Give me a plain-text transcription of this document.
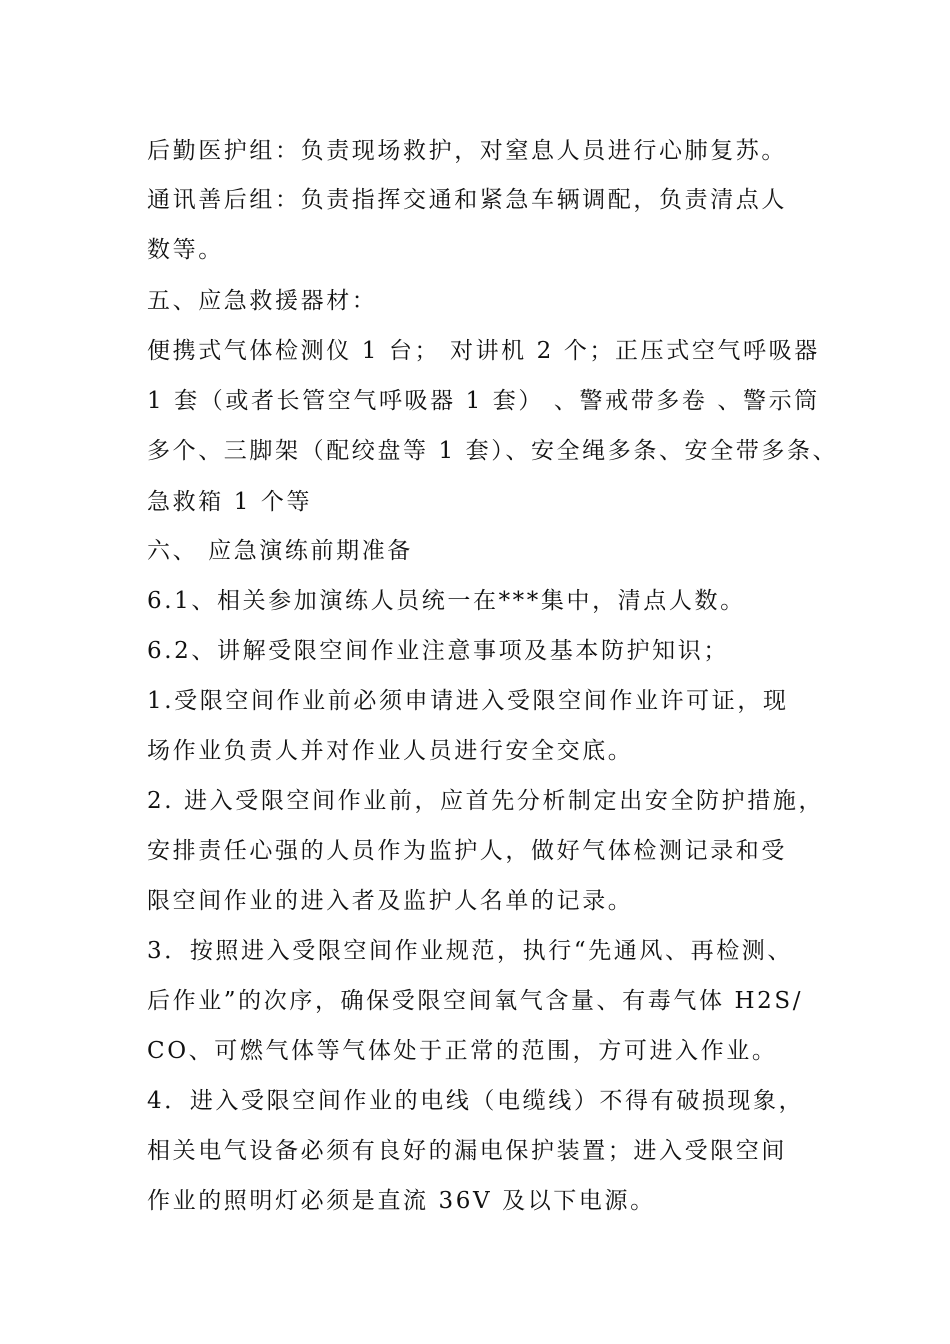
后勤医护组：负责现场救护，对窒息人员进行心肺复苏。
通讯善后组：负责指挥交通和紧急车辆调配，负责清点人
数等。
五、应急救援器材：
便携式气体检测仪 1 台； 对讲机 2 个；正压式空气呼吸器
1 套（或者长管空气呼吸器 1 套） 、警戒带多卷 、警示筒
多个、三脚架（配绞盘等 1 套）、安全绳多条、安全带多条、
急救箱 1 个等
六、 应急演练前期准备
6.1、相关参加演练人员统一在***集中，清点人数。
6.2、讲解受限空间作业注意事项及基本防护知识；
1.受限空间作业前必须申请进入受限空间作业许可证，现
场作业负责人并对作业人员进行安全交底。
2. 进入受限空间作业前，应首先分析制定出安全防护措施，
安排责任心强的人员作为监护人，做好气体检测记录和受
限空间作业的进入者及监护人名单的记录。
3．按照进入受限空间作业规范，执行“先通风、再检测、
后作业”的次序，确保受限空间氧气含量、有毒气体 H2S/
CO、可燃气体等气体处于正常的范围，方可进入作业。
4．进入受限空间作业的电线（电缆线）不得有破损现象，
相关电气设备必须有良好的漏电保护装置；进入受限空间
作业的照明灯必须是直流 36V 及以下电源。
